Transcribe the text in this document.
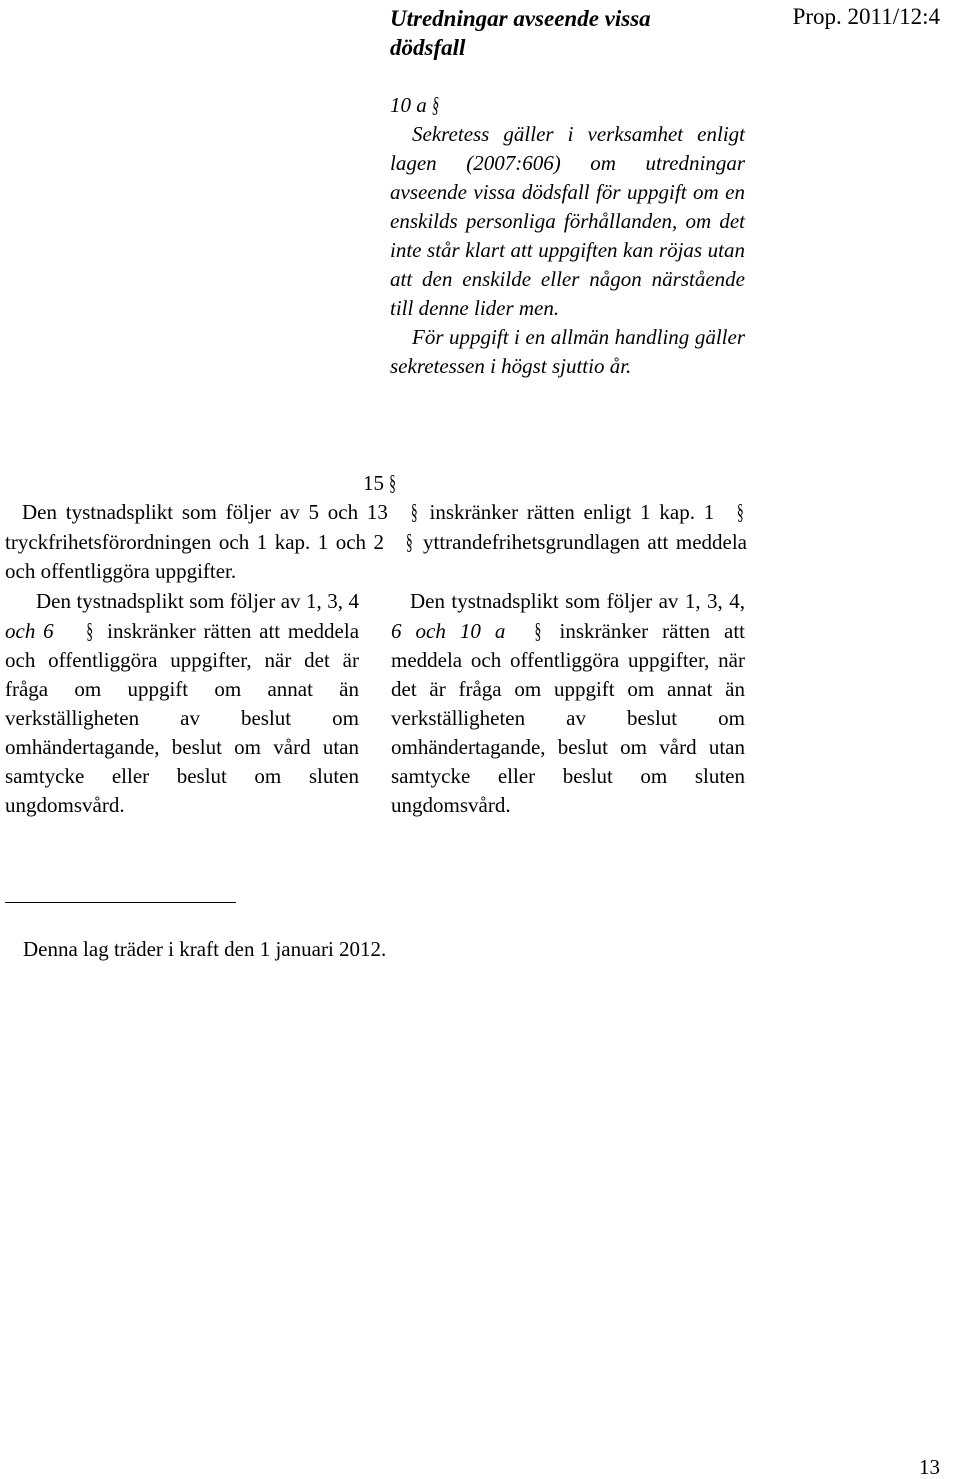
Utredningar avseende vissa dödsfall
Prop. 2011/12:4

10 a §

Sekretess gäller i verksamhet enligt lagen (2007:606) om utredningar avseende vissa dödsfall för uppgift om en enskilds personliga förhållanden, om det inte står klart att uppgiften kan röjas utan att den enskilde eller någon närstående till denne lider men.

För uppgift i en allmän handling gäller sekretessen i högst sjuttio år.

15 §

Den tystnadsplikt som följer av 5 och 13 § inskränker rätten enligt 1 kap. 1 § tryckfrihetsförordningen och 1 kap. 1 och 2 § yttrandefrihetsgrundlagen att meddela och offentliggöra uppgifter.

Den tystnadsplikt som följer av 1, 3, 4 och 6 § inskränker rätten att meddela och offentliggöra uppgifter, när det är fråga om uppgift om annat än verkställigheten av beslut om omhändertagande, beslut om vård utan samtycke eller beslut om sluten ungdomsvård.

Den tystnadsplikt som följer av 1, 3, 4, 6 och 10 a § inskränker rätten att meddela och offentliggöra uppgifter, när det är fråga om uppgift om annat än verkställigheten av beslut om omhändertagande, beslut om vård utan samtycke eller beslut om sluten ungdomsvård.

Denna lag träder i kraft den 1 januari 2012.
13
